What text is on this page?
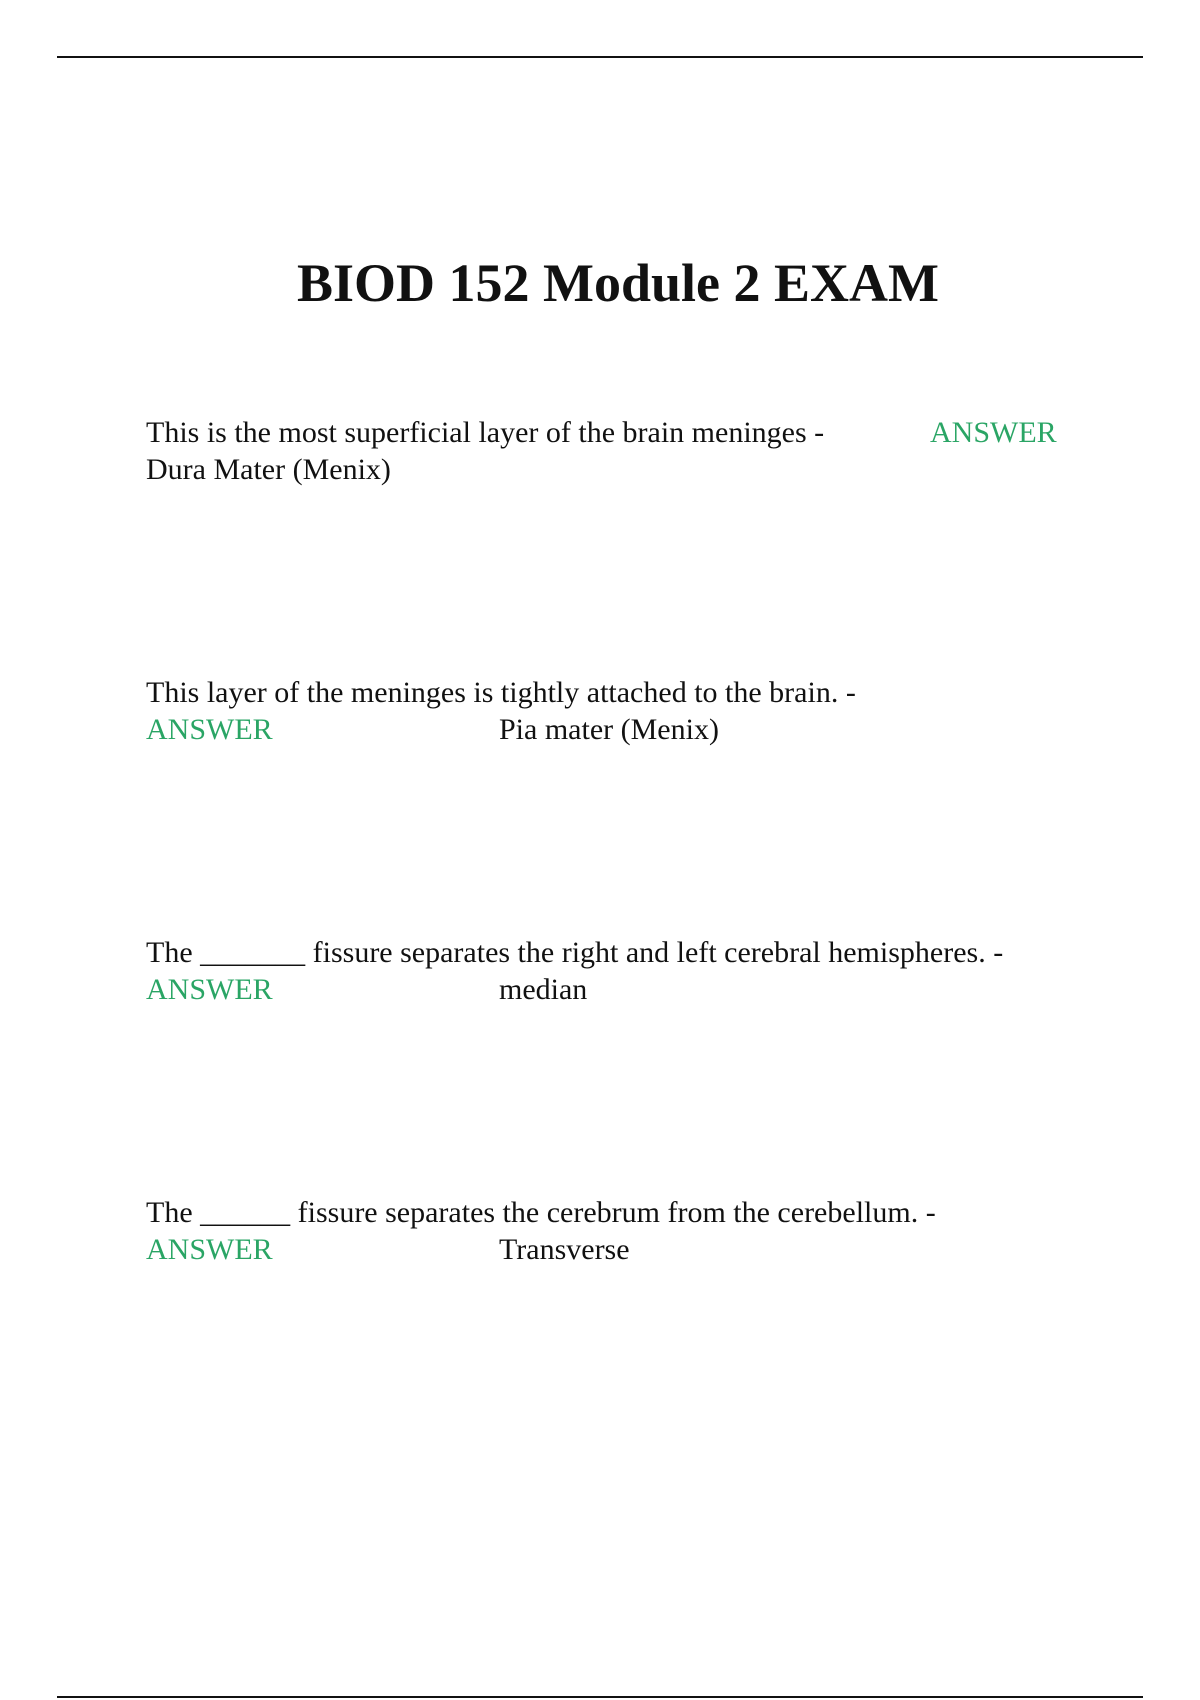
BIOD 152 Module 2 EXAM
This is the most superficial layer of the brain meninges -	ANSWER
Dura Mater (Menix)
This layer of the meninges is tightly attached to the brain. -
ANSWER	Pia mater (Menix)
The _______ fissure separates the right and left cerebral hemispheres. -
ANSWER	median
The ______ fissure separates the cerebrum from the cerebellum. -
ANSWER	Transverse
